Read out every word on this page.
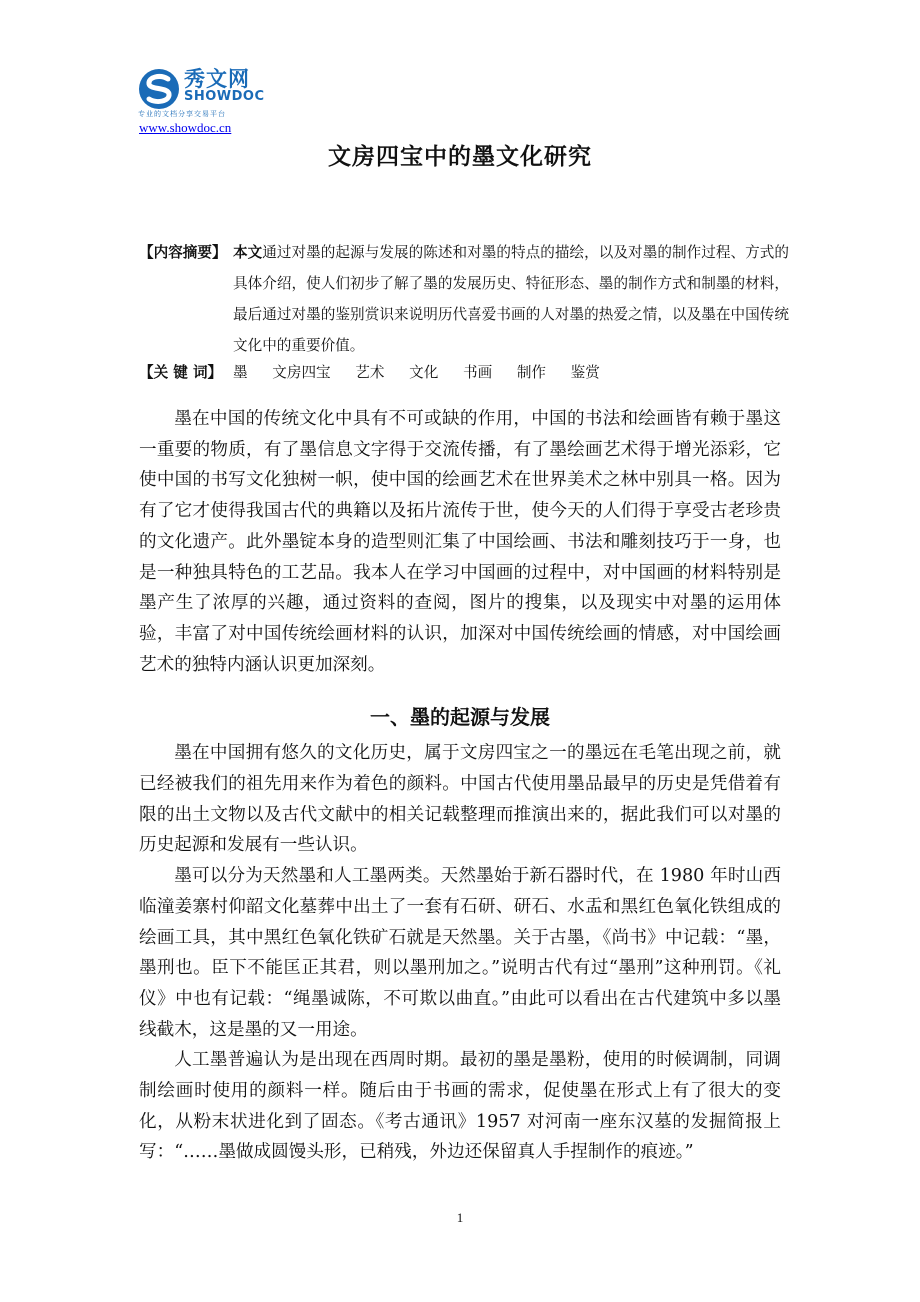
秀文网
SHOWDOC
专业的文档分享交易平台
www.showdoc.cn
文房四宝中的墨文化研究
【内容摘要】 本文通过对墨的起源与发展的陈述和对墨的特点的描绘，以及对墨的制作过程、方式的具体介绍，使人们初步了解了墨的发展历史、特征形态、墨的制作方式和制墨的材料，最后通过对墨的鉴别赏识来说明历代喜爱书画的人对墨的热爱之情，以及墨在中国传统文化中的重要价值。
【关 键 词】 墨 文房四宝 艺术 文化 书画 制作 鉴赏

墨在中国的传统文化中具有不可或缺的作用，中国的书法和绘画皆有赖于墨这一重要的物质，有了墨信息文字得于交流传播，有了墨绘画艺术得于增光添彩，它使中国的书写文化独树一帜，使中国的绘画艺术在世界美术之林中别具一格。因为有了它才使得我国古代的典籍以及拓片流传于世，使今天的人们得于享受古老珍贵的文化遗产。此外墨锭本身的造型则汇集了中国绘画、书法和雕刻技巧于一身，也是一种独具特色的工艺品。我本人在学习中国画的过程中，对中国画的材料特别是墨产生了浓厚的兴趣，通过资料的查阅，图片的搜集，以及现实中对墨的运用体验，丰富了对中国传统绘画材料的认识，加深对中国传统绘画的情感，对中国绘画艺术的独特内涵认识更加深刻。

一、墨的起源与发展

墨在中国拥有悠久的文化历史，属于文房四宝之一的墨远在毛笔出现之前，就已经被我们的祖先用来作为着色的颜料。中国古代使用墨品最早的历史是凭借着有限的出土文物以及古代文献中的相关记载整理而推演出来的，据此我们可以对墨的历史起源和发展有一些认识。

墨可以分为天然墨和人工墨两类。天然墨始于新石器时代，在 1980 年时山西临潼姜寨村仰韶文化墓葬中出土了一套有石研、研石、水盂和黑红色氧化铁组成的绘画工具，其中黑红色氧化铁矿石就是天然墨。关于古墨，《尚书》中记载：“墨，墨刑也。臣下不能匡正其君，则以墨刑加之。”说明古代有过“墨刑”这种刑罚。《礼仪》中也有记载：“绳墨诚陈，不可欺以曲直。”由此可以看出在古代建筑中多以墨线截木，这是墨的又一用途。

人工墨普遍认为是出现在西周时期。最初的墨是墨粉，使用的时候调制，同调制绘画时使用的颜料一样。随后由于书画的需求，促使墨在形式上有了很大的变化，从粉末状进化到了固态。《考古通讯》1957 对河南一座东汉墓的发掘简报上写：“……墨做成圆馒头形，已稍残，外边还保留真人手捏制作的痕迹。”

1
